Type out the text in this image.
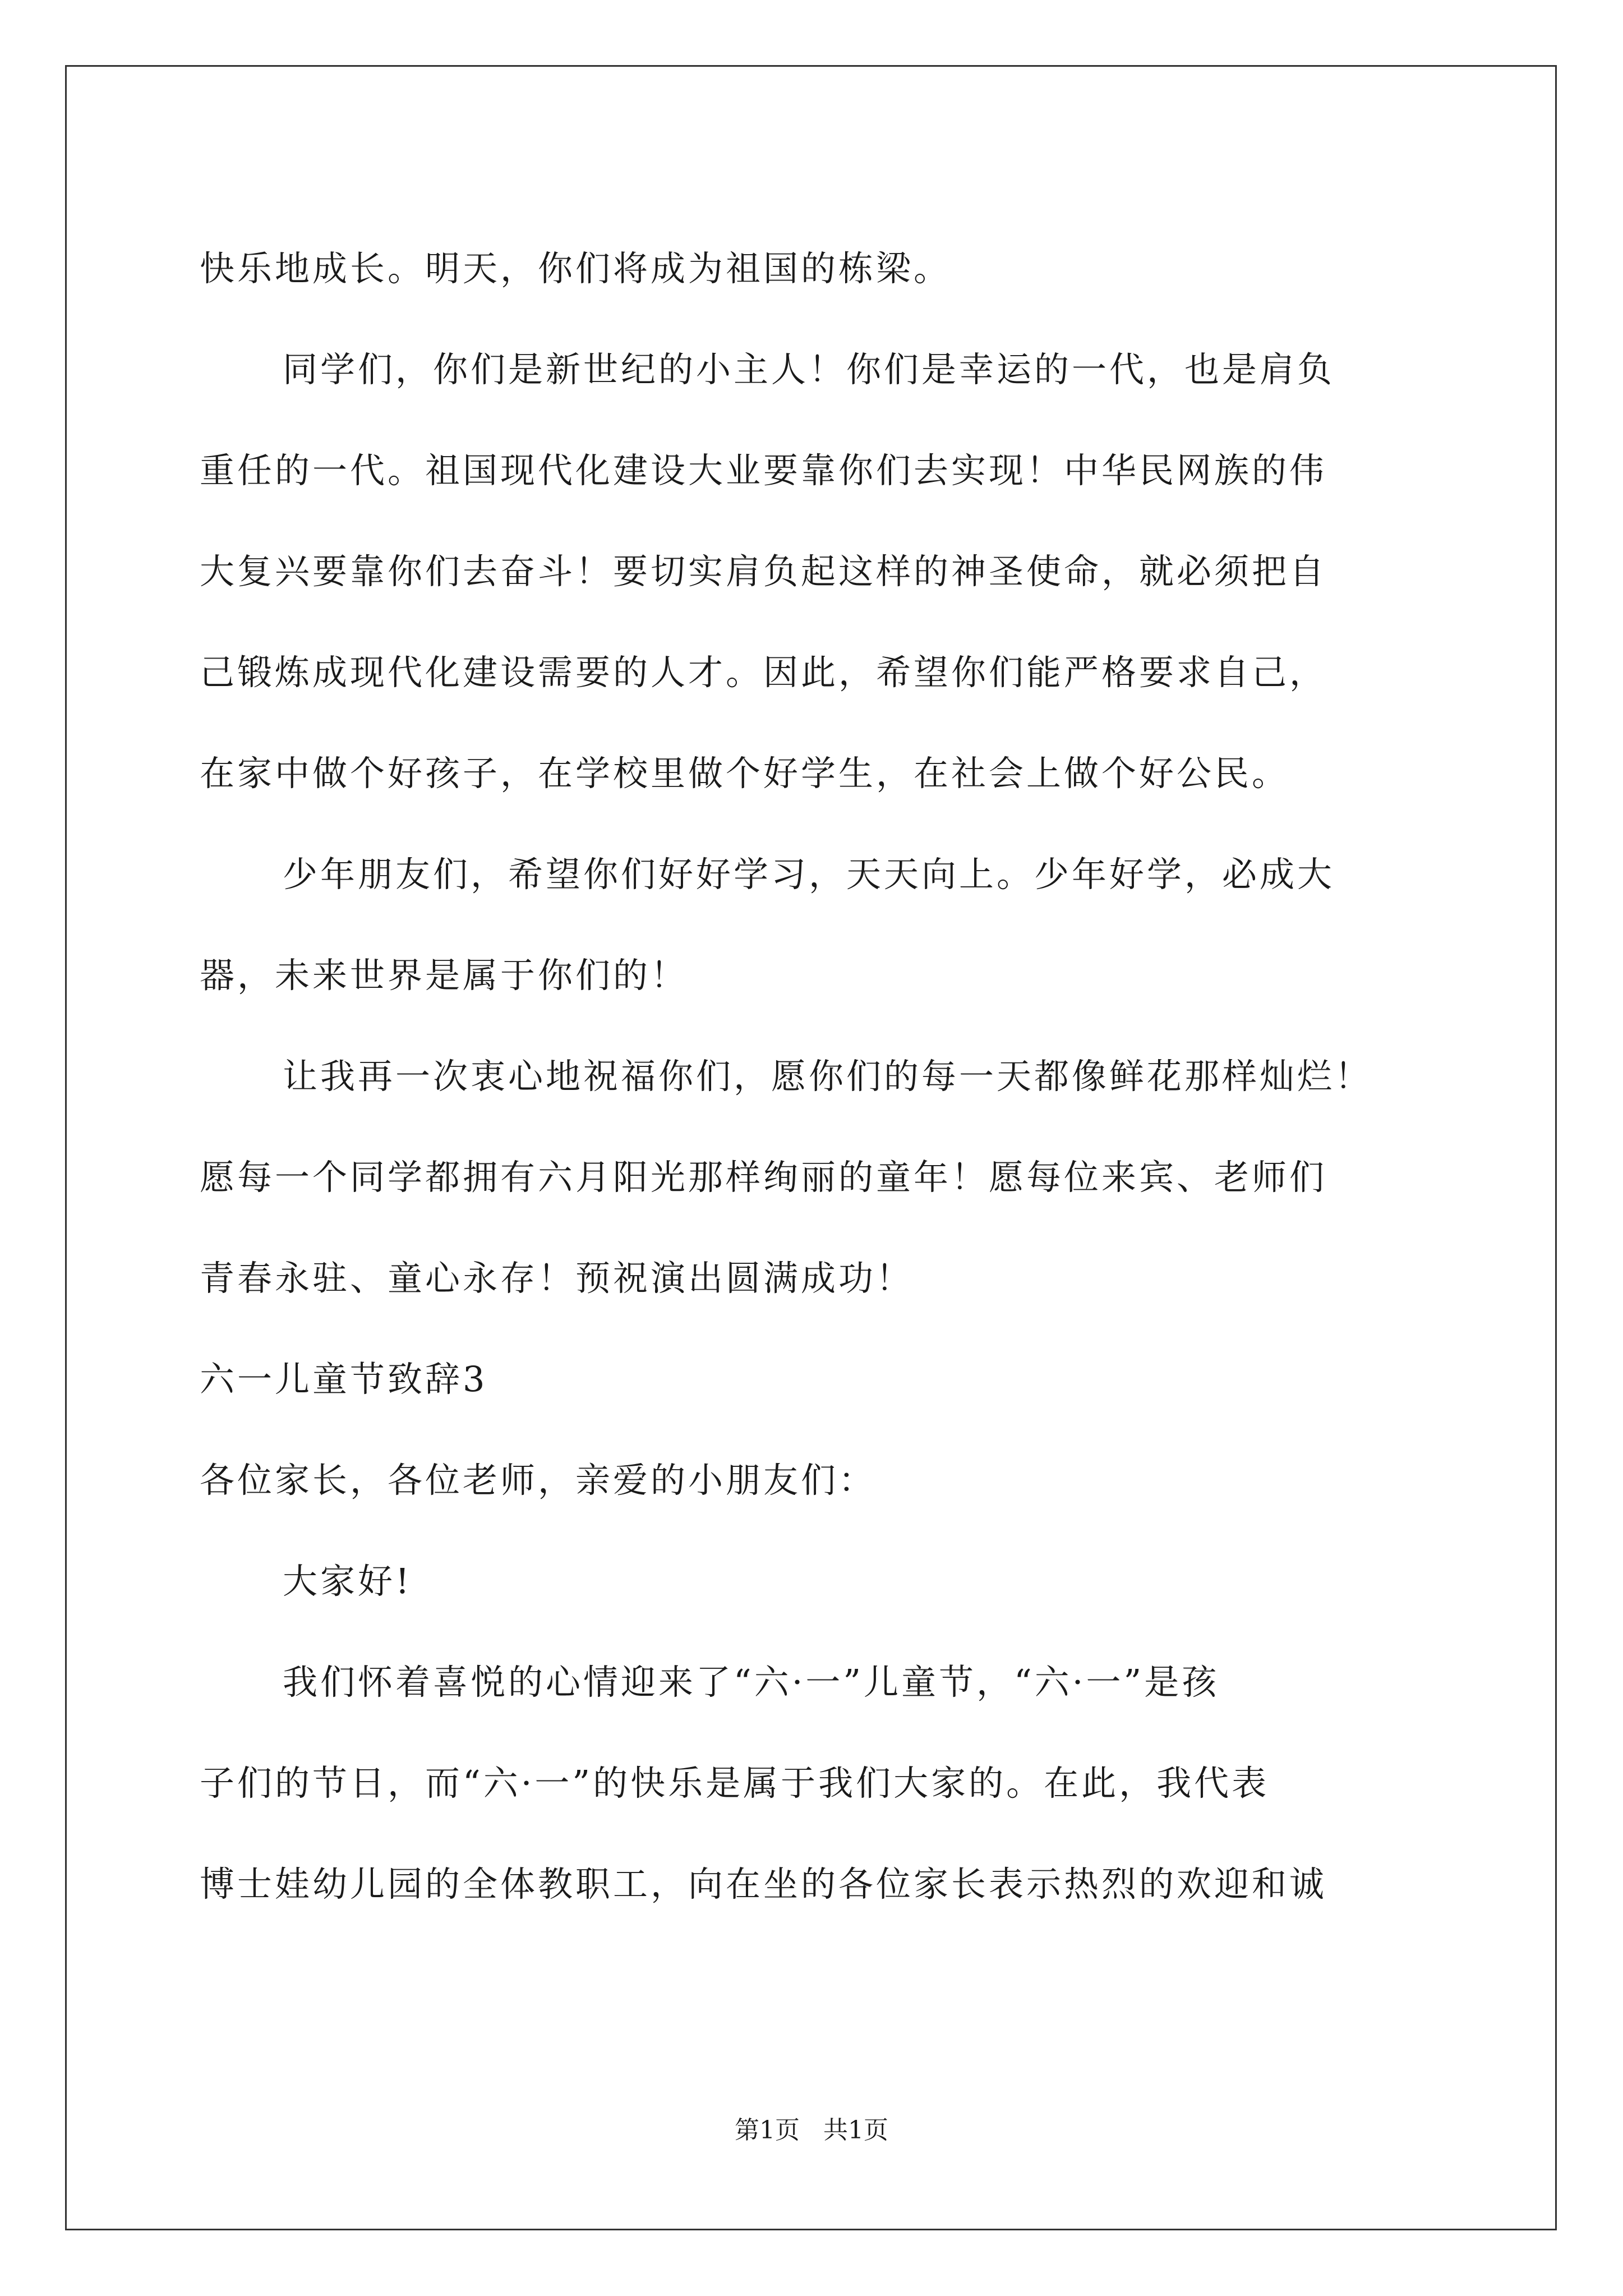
快乐地成长。明天，你们将成为祖国的栋梁。
同学们，你们是新世纪的小主人！你们是幸运的一代，也是肩负
重任的一代。祖国现代化建设大业要靠你们去实现！中华民网族的伟
大复兴要靠你们去奋斗！要切实肩负起这样的神圣使命，就必须把自
己锻炼成现代化建设需要的人才。因此，希望你们能严格要求自己，
在家中做个好孩子，在学校里做个好学生，在社会上做个好公民。
少年朋友们，希望你们好好学习，天天向上。少年好学，必成大
器，未来世界是属于你们的！
让我再一次衷心地祝福你们，愿你们的每一天都像鲜花那样灿烂！
愿每一个同学都拥有六月阳光那样绚丽的童年！愿每位来宾、老师们
青春永驻、童心永存！预祝演出圆满成功！
六一儿童节致辞3
各位家长，各位老师，亲爱的小朋友们：
大家好!
我们怀着喜悦的心情迎来了“六·一”儿童节，“六·一”是孩
子们的节日，而“六·一”的快乐是属于我们大家的。在此，我代表
博士娃幼儿园的全体教职工，向在坐的各位家长表示热烈的欢迎和诚
第1页   共1页
